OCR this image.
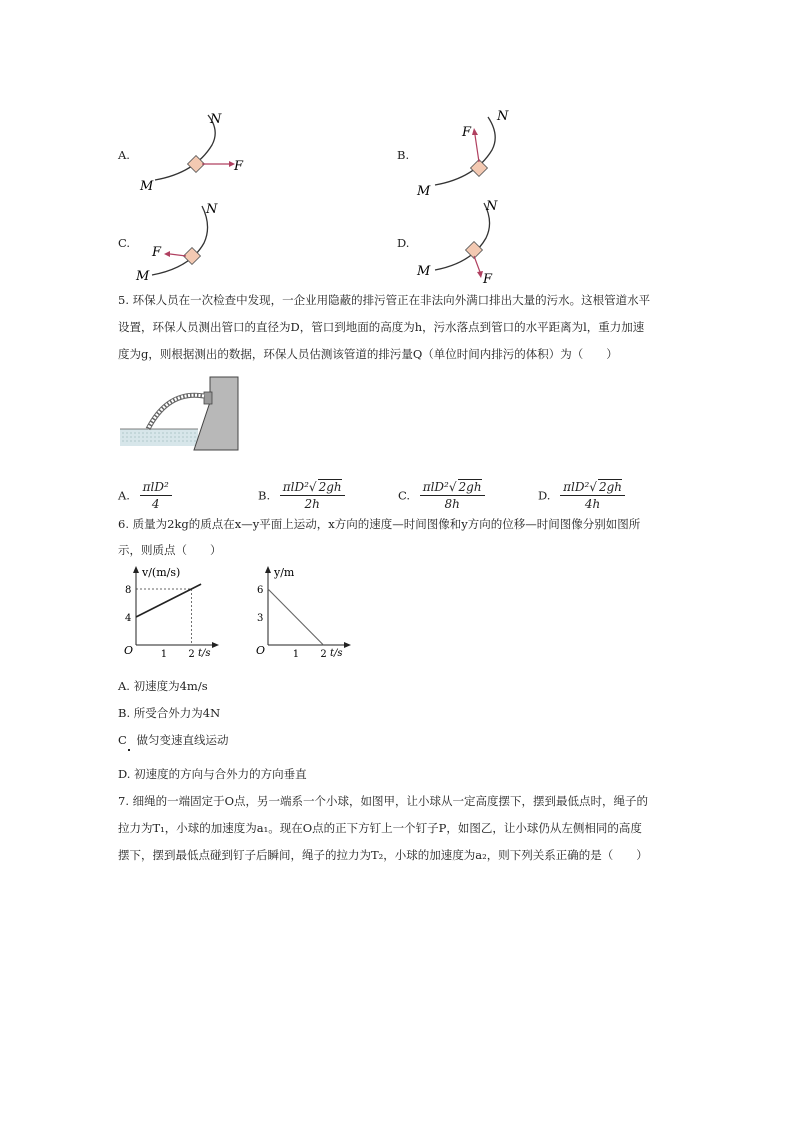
A.
M
N
F
B.
M
N
F
C.
M
N
F
D.
M
N
F
5. 环保人员在一次检查中发现，一企业用隐蔽的排污管正在非法向外满口排出大量的污水。这根管道水平
设置，环保人员测出管口的直径为D，管口到地面的高度为h，污水落点到管口的水平距离为l，重力加速
度为g，则根据测出的数据，环保人员估测该管道的排污量Q（单位时间内排污的体积）为（　　）
A. $\frac{\text{πlD²}}{4}$	B. $\frac{\text{πlD²√ 2gh}}{2h}$	C. $\frac{\text{πlD²√ 2gh}}{8h}$	D. $\frac{\text{πlD²√ 2gh}}{4h}$
6. 质量为2kg的质点在x—y平面上运动，x方向的速度—时间图像和y方向的位移—时间图像分别如图所
示，则质点（　　）
1 2
4
8
v/(m/s)
t/s
O	1 2
3
6
y/m
t/s
O
A. 初速度为4m/s
B. 所受合外力为4N
C 做匀变速直线运动
D. 初速度的方向与合外力的方向垂直
7. 细绳的一端固定于O点，另一端系一个小球，如图甲，让小球从一定高度摆下，摆到最低点时，绳子的
拉力为T₁，小球的加速度为a₁。现在O点的正下方钉上一个钉子P，如图乙，让小球仍从左侧相同的高度
摆下，摆到最低点碰到钉子后瞬间，绳子的拉力为T₂，小球的加速度为a₂，则下列关系正确的是（　　）
